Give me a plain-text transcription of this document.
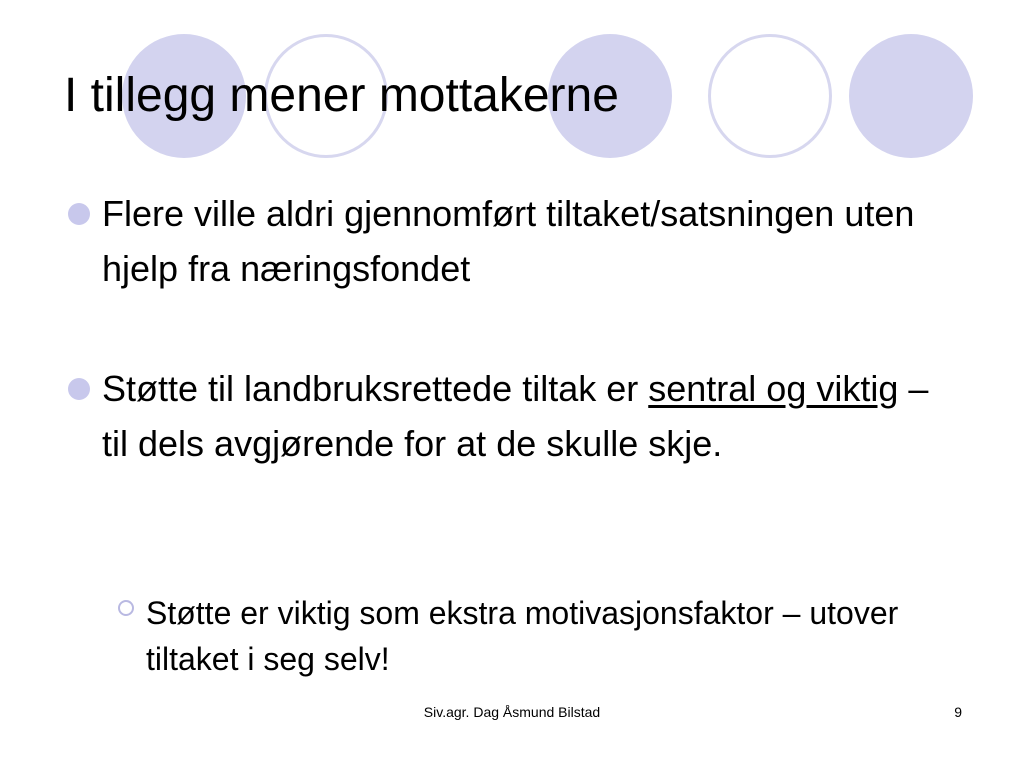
I tillegg mener mottakerne

Flere ville aldri gjennomført tiltaket/satsningen uten hjelp fra næringsfondet

Støtte til landbruksrettede tiltak er sentral og viktig – til dels avgjørende for at de skulle skje.

Støtte er viktig som ekstra motivasjonsfaktor – utover tiltaket i seg selv!

Siv.agr. Dag Åsmund Bilstad	9
